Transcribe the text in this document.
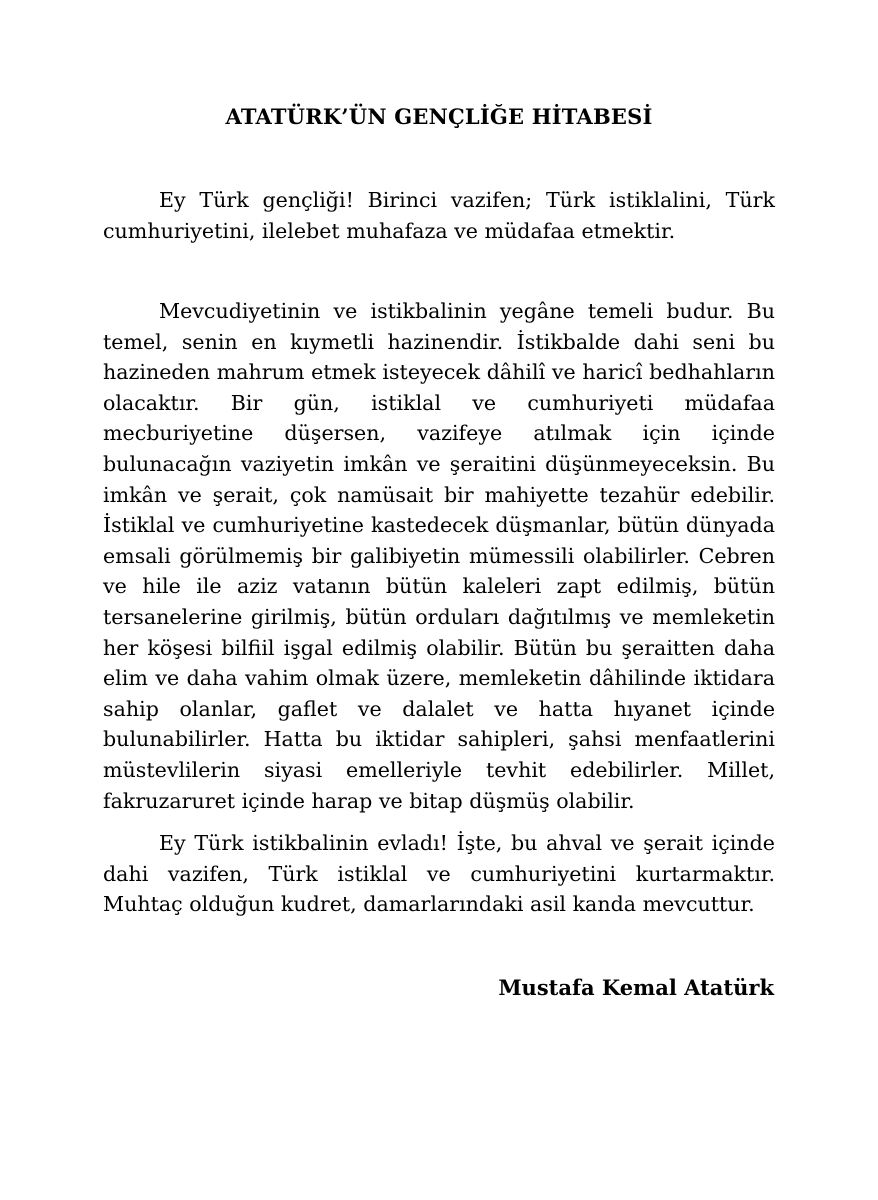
ATATÜRK’ÜN GENÇLİĞE HİTABESİ

Ey Türk gençliği! Birinci vazifen; Türk istiklalini, Türk cumhuriyetini, ilelebet muhafaza ve müdafaa etmektir.

Mevcudiyetinin ve istikbalinin yegâne temeli budur. Bu temel, senin en kıymetli hazinendir. İstikbalde dahi seni bu hazineden mahrum etmek isteyecek dâhilî ve haricî bedhahların olacaktır. Bir gün, istiklal ve cumhuriyeti müdafaa mecburiyetine düşersen, vazifeye atılmak için içinde bulunacağın vaziyetin imkân ve şeraitini düşünmeyeceksin. Bu imkân ve şerait, çok namüsait bir mahiyette tezahür edebilir. İstiklal ve cumhuriyetine kastedecek düşmanlar, bütün dünyada emsali görülmemiş bir galibiyetin mümessili olabilirler. Cebren ve hile ile aziz vatanın bütün kaleleri zapt edilmiş, bütün tersanelerine girilmiş, bütün orduları dağıtılmış ve memleketin her köşesi bilfiil işgal edilmiş olabilir. Bütün bu şeraitten daha elim ve daha vahim olmak üzere, memleketin dâhilinde iktidara sahip olanlar, gaflet ve dalalet ve hatta hıyanet içinde bulunabilirler. Hatta bu iktidar sahipleri, şahsi menfaatlerini müstevlilerin siyasi emelleriyle tevhit edebilirler. Millet, fakruzaruret içinde harap ve bitap düşmüş olabilir.

Ey Türk istikbalinin evladı! İşte, bu ahval ve şerait içinde dahi vazifen, Türk istiklal ve cumhuriyetini kurtarmaktır. Muhtaç olduğun kudret, damarlarındaki asil kanda mevcuttur.

Mustafa Kemal Atatürk
